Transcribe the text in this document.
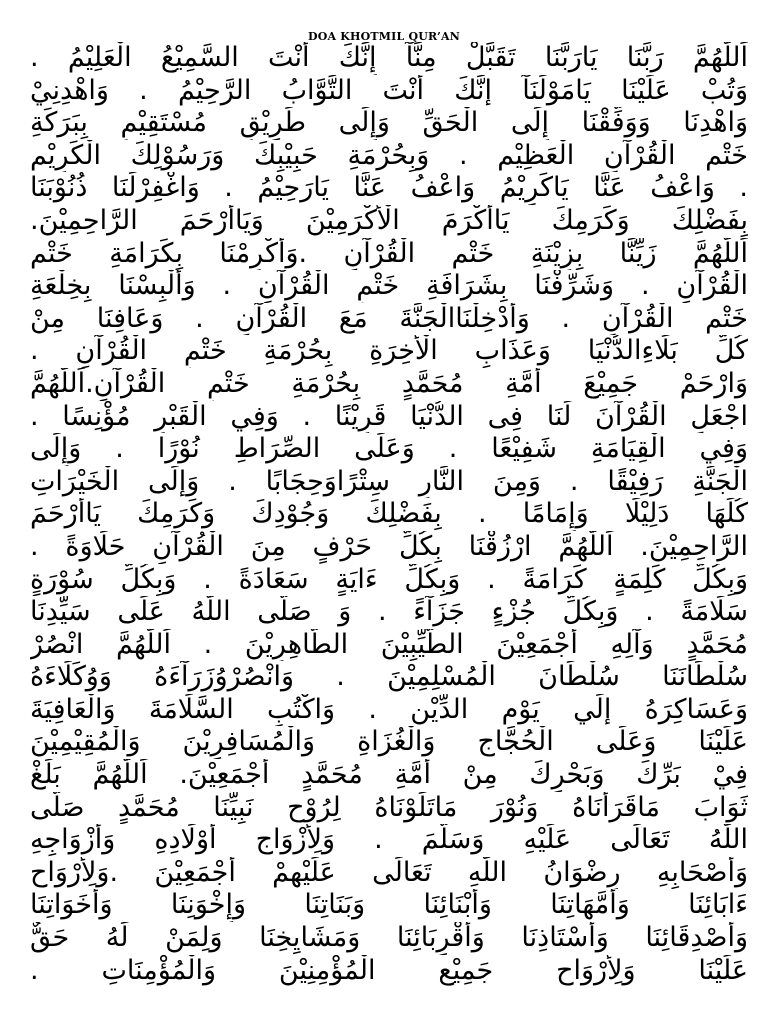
DOA KHOTMIL QUR’AN
اَللّٰهُمَّ رَبَّنَا يَارَبَّنَا تَقَبَّلْ مِنَّآ إِنَّكَ أَنْتَ السَّمِيْعُ الْعَلِيْمُ .
وَتُبْ عَلَيْنَا يَامَوْلَنَآ إِنَّكَ أَنْتَ التَّوَّابُ الرَّحِيْمُ . وَاهْدِنِيْ
وَاهْدِنَا وَوَفِّقْنَا إِلَى الْحَقِّ وَإِلَى طَرِيْقٍ مُسْتَقِيْمٍ بِبَرَكَةِ
خَتْمِ الْقُرْآنِ الْعَظِيْمِ . وَبِحُرْمَةِ حَبِيْبِكَ وَرَسُوْلِكَ الْكَرِيْمِ
. وَاعْفُ عَنَّا يَاكَرِيْمُ وَاعْفُ عَنَّا يَارَحِيْمُ . وَاغْفِرْلَنَا ذُنُوْبَنَا
بِفَضْلِكَ وَكَرَمِكَ يَاأَكْرَمَ الْأَكْرَمِيْنَ وَيَاأَرْحَمَ الرَّاحِمِيْنَ.
اَللّٰهُمَّ زَيِّنَّا بِزِيْنَةِ خَتْمِ الْقُرْآنِ .وَأَكْرِمْنَا بِكَرَامَةِ خَتْمِ
الْقُرْآنِ . وَشَرِّفْنَا بِشَرَافَةِ خَتْمِ الْقُرْآنِ . وَأَلْبِسْنَا بِخِلْعَةِ
خَتْمِ الْقُرْآنِ . وَأَدْخِلْنَاالْجَنَّةَ مَعَ الْقُرْآنِ . وَعَافِنَا مِنْ
كُلِّ بَلَاءِالدُّنْيَا وَعَذَابِ الْأَخِرَةِ بِحُرْمَةِ خَتْمِ الْقُرْآنِ .
وَارْحَمْ جَمِيْعَ أُمَّةِ مُحَمَّدٍ بِحُرْمَةِ خَتْمِ الْقُرْآنِ.اَللّٰهُمَّ
اجْعَلِ الْقُرْآنَ لَنَا فِى الدُّنْيَا قَرِيْنًا . وَفِي الْقَبْرِ مُؤْنِسًا .
وَفِي الْقِيَامَةِ شَفِيْعًا . وَعَلَى الصِّرَاطِ نُوْرًا . وَإِلَى
الْجَنَّةِ رَفِيْقًا . وَمِنَ النَّارِ سِتْرًاوَحِجَابًا . وَإِلَى الْخَيْرَاتِ
كُلِّهَا دَلِيْلًا وَإِمَامًا . بِفَضْلِكَ وَجُوْدِكَ وَكَرَمِكَ يَاأَرْحَمَ
الرَّاحِمِيْنَ. اَللّٰهُمَّ ارْزُقْنَا بِكُلِّ حَرْفٍ مِنَ الْقُرْآنِ حَلَاوَةً .
وَبِكُلِّ كَلِمَةٍ كَرَامَةً . وَبِكُلِّ ءَايَةٍ سَعَادَةً . وَبِكُلِّ سُوْرَةٍ
سَلَامَةً . وَبِكُلِّ جُزْءٍ جَزَآءً . وَ صَلَّى اللّٰهُ عَلَى سَيِّدِنَا
مُحَمَّدٍ وَآلِهِ أَجْمَعِيْنَ الطَّيِّبِيْنَ الطَّاهِرِيْنَ . اَللّٰهُمَّ انْصُرْ
سُلْطَانَنَا سُلْطَانَ الْمُسْلِمِيْنَ . وَانْصُرْوُزَرَآءَهُ وَوُكَلَاءَهُ
وَعَسَاكِرَهُ إِلَي يَوْمِ الدِّيْنِ . وَاكْتُبِ السَّلَامَةَ وَالْعَافِيَةَ
عَلَيْنَا وَعَلَى الْحُجَّاجِ وَالْغُزَاةِ وَالْمُسَافِرِيْنَ وَالْمُقِيْمِيْنَ
فِيْ بَرِّكَ وَبَحْرِكَ مِنْ أُمَّةِ مُحَمَّدٍ أَجْمَعِيْنَ. اَللّٰهُمَّ بَلِّغْ
ثَوَابَ مَاقَرَأْنَاهُ وَنُوْرَ مَاتَلَوْنَاهُ لِرُوْحِ نَبِيِّنَا مُحَمَّدٍ صَلَّى
اللّٰهُ تَعَالَى عَلَيْهِ وَسَلَّمَ . وَلِأَزْوَاجِ أَوْلَادِهِ وَأَزْوَاجِهِ
وَأَصْحَابِهِ رِضْوَانُ اللّٰهِ تَعَالَى عَلَيْهِمْ أَجْمَعِيْنَ .وَلِأَرْوَاحِ
ءَابَائِنَا وَأُمَّهَاتِنَا وَأَبْنَائِنَا وَبَنَاتِنَا وَإِخْوَنِنَا وَأَخَوَاتِنَا
وَأَصْدِقَائِنَا وَأَسْتَاذِنَا وَأَقْرِبَائِنَا وَمَشَايِخِنَا وَلِمَنْ لَهُ حَقٌّ
عَلَيْنَا وَلِأَرْوَاحِ جَمِيْعِ الْمُؤْمِنِيْنَ وَالْمُؤْمِنَاتِ .
